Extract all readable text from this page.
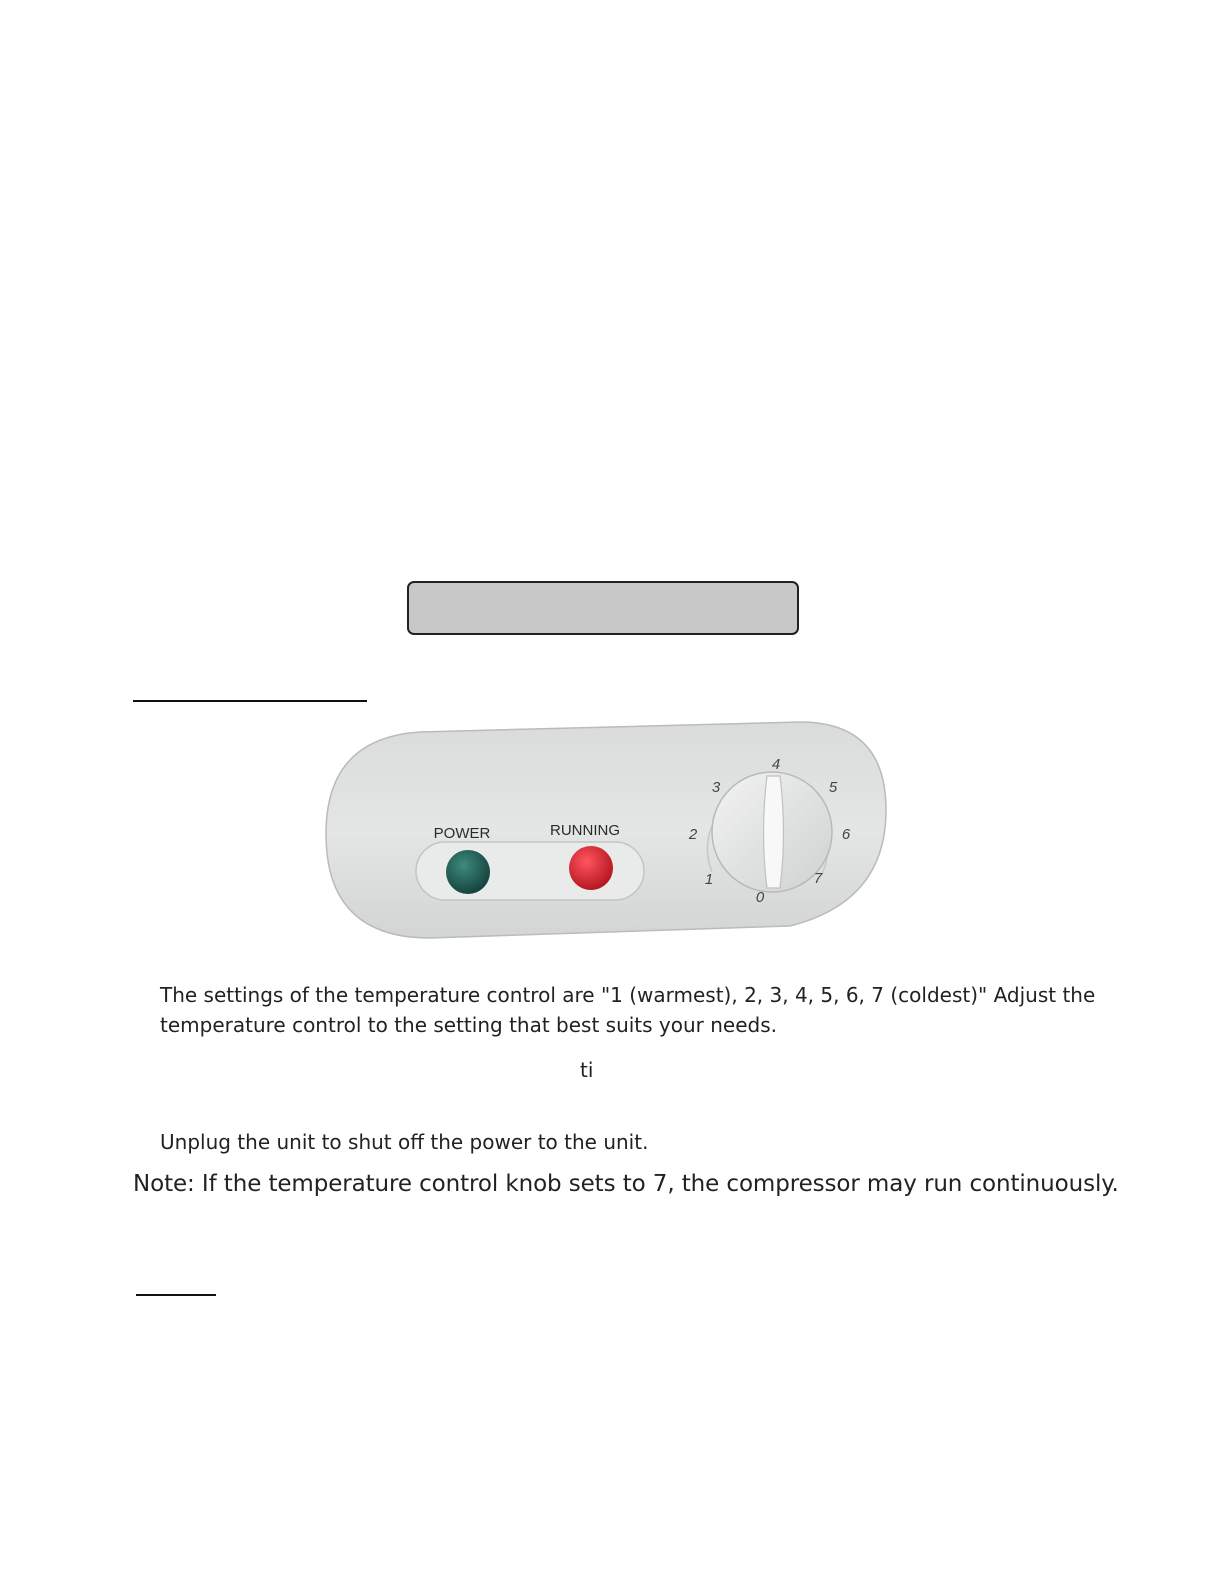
POWER	RUNNING
0
1
2
3
4
5
6
7

The settings of the temperature control are "1 (warmest), 2, 3, 4, 5, 6, 7 (coldest)" Adjust the temperature control to the setting that best suits your needs.

ti

Unplug the unit to shut off the power to the unit.

Note: If the temperature control knob sets to 7, the compressor may run continuously.
